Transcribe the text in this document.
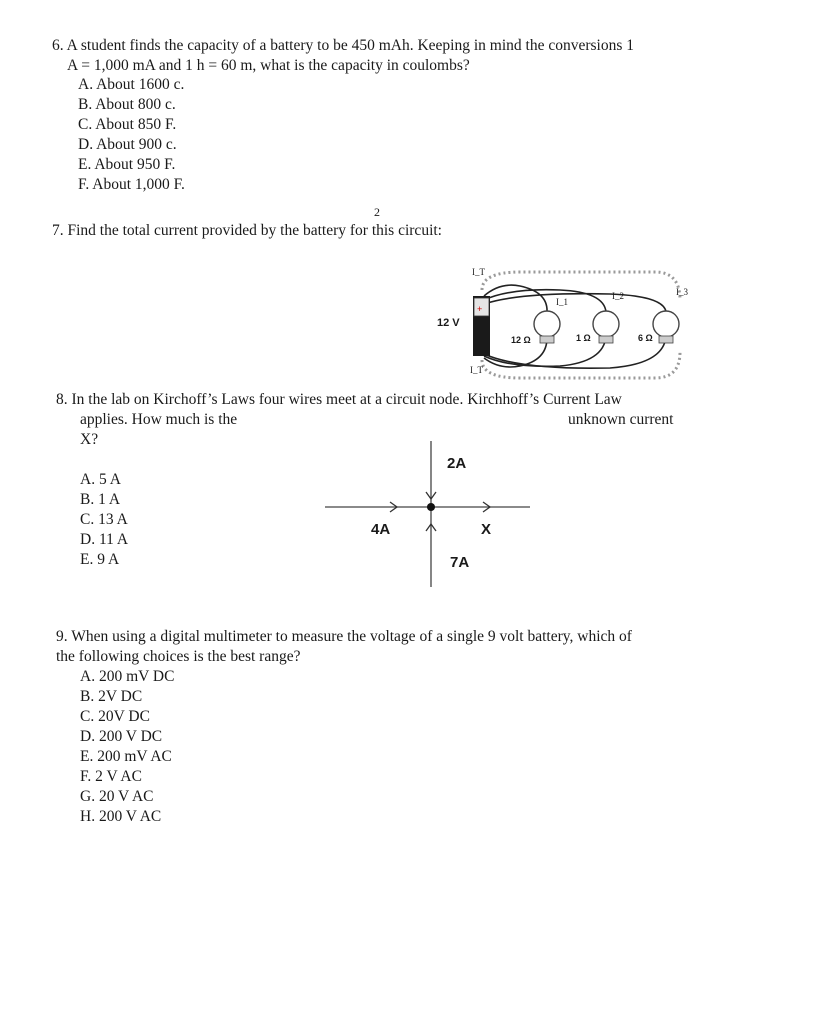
6. A student finds the capacity of a battery to be 450 mAh. Keeping in mind the conversions 1
A = 1,000 mA and 1 h = 60 m, what is the capacity in coulombs?
A. About 1600 c.
B. About 800 c.
C. About 850 F.
D. About 900 c.
E. About 950 F.
F. About 1,000 F.
2
7. Find the total current provided by the battery for this circuit:
+
12 V
12 Ω	1 Ω	6 Ω
I_T
I_1
I_2	I_3
I_T
8. In the lab on Kirchoff’s Laws four wires meet at a circuit node. Kirchhoff’s Current Law
applies. How much is the	unknown current
X?
A. 5 A
B. 1 A
C. 13 A
D. 11 A
E. 9 A
2A
4A	X
7A
9. When using a digital multimeter to measure the voltage of a single 9 volt battery, which of
the following choices is the best range?
A. 200 mV DC
B. 2V DC
C. 20V DC
D. 200 V DC
E. 200 mV AC
F. 2 V AC
G. 20 V AC
H. 200 V AC
